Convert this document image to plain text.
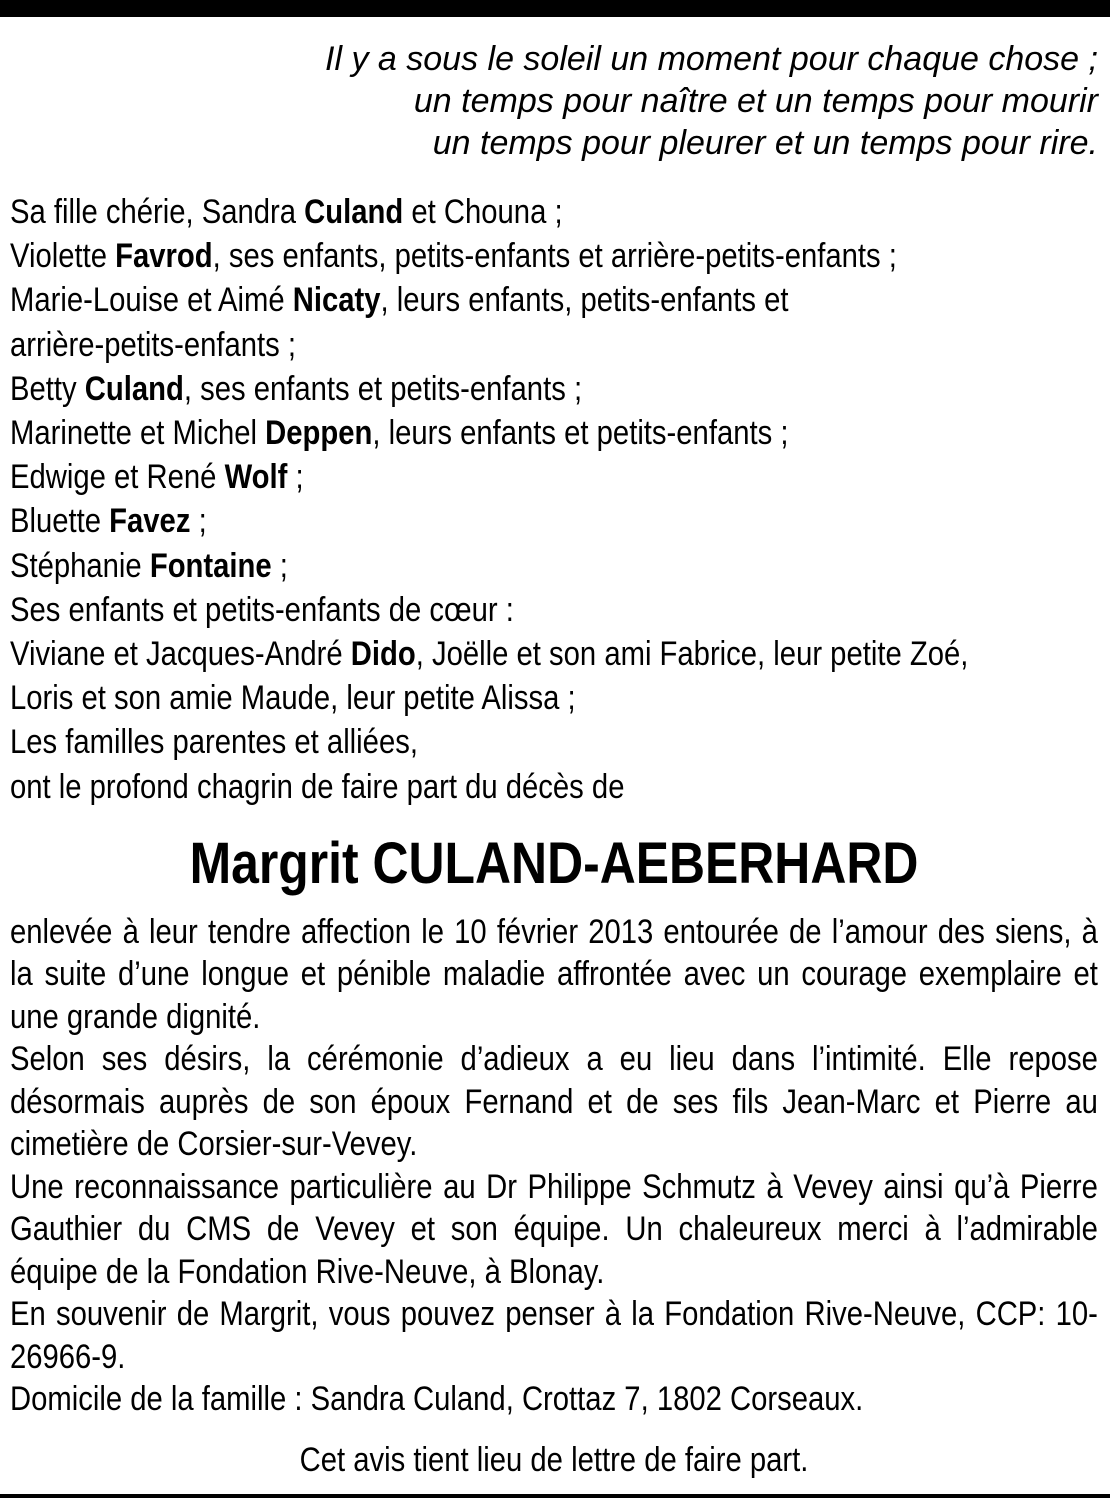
Il y a sous le soleil un moment pour chaque chose ;
un temps pour naître et un temps pour mourir
un temps pour pleurer et un temps pour rire.
Sa fille chérie, Sandra Culand et Chouna ;
Violette Favrod, ses enfants, petits-enfants et arrière-petits-enfants ;
Marie-Louise et Aimé Nicaty, leurs enfants, petits-enfants et
arrière-petits-enfants ;
Betty Culand, ses enfants et petits-enfants ;
Marinette et Michel Deppen, leurs enfants et petits-enfants ;
Edwige et René Wolf ;
Bluette Favez ;
Stéphanie Fontaine ;
Ses enfants et petits-enfants de cœur :
Viviane et Jacques-André Dido, Joëlle et son ami Fabrice, leur petite Zoé,
Loris et son amie Maude, leur petite Alissa ;
Les familles parentes et alliées,
ont le profond chagrin de faire part du décès de
Margrit CULAND-AEBERHARD

enlevée à leur tendre affection le 10 février 2013 entourée de l’amour des siens, à la suite d’une longue et pénible maladie affrontée avec un courage exemplaire et une grande dignité.

Selon ses désirs, la cérémonie d’adieux a eu lieu dans l’intimité. Elle repose désormais auprès de son époux Fernand et de ses fils Jean-Marc et Pierre au cimetière de Corsier-sur-Vevey.

Une reconnaissance particulière au Dr Philippe Schmutz à Vevey ainsi qu’à Pierre Gauthier du CMS de Vevey et son équipe. Un chaleureux merci à l’admirable équipe de la Fondation Rive-Neuve, à Blonay.

En souvenir de Margrit, vous pouvez penser à la Fondation Rive-Neuve, CCP: 10-26966-9.

Domicile de la famille : Sandra Culand, Crottaz 7, 1802 Corseaux.

Cet avis tient lieu de lettre de faire part.
